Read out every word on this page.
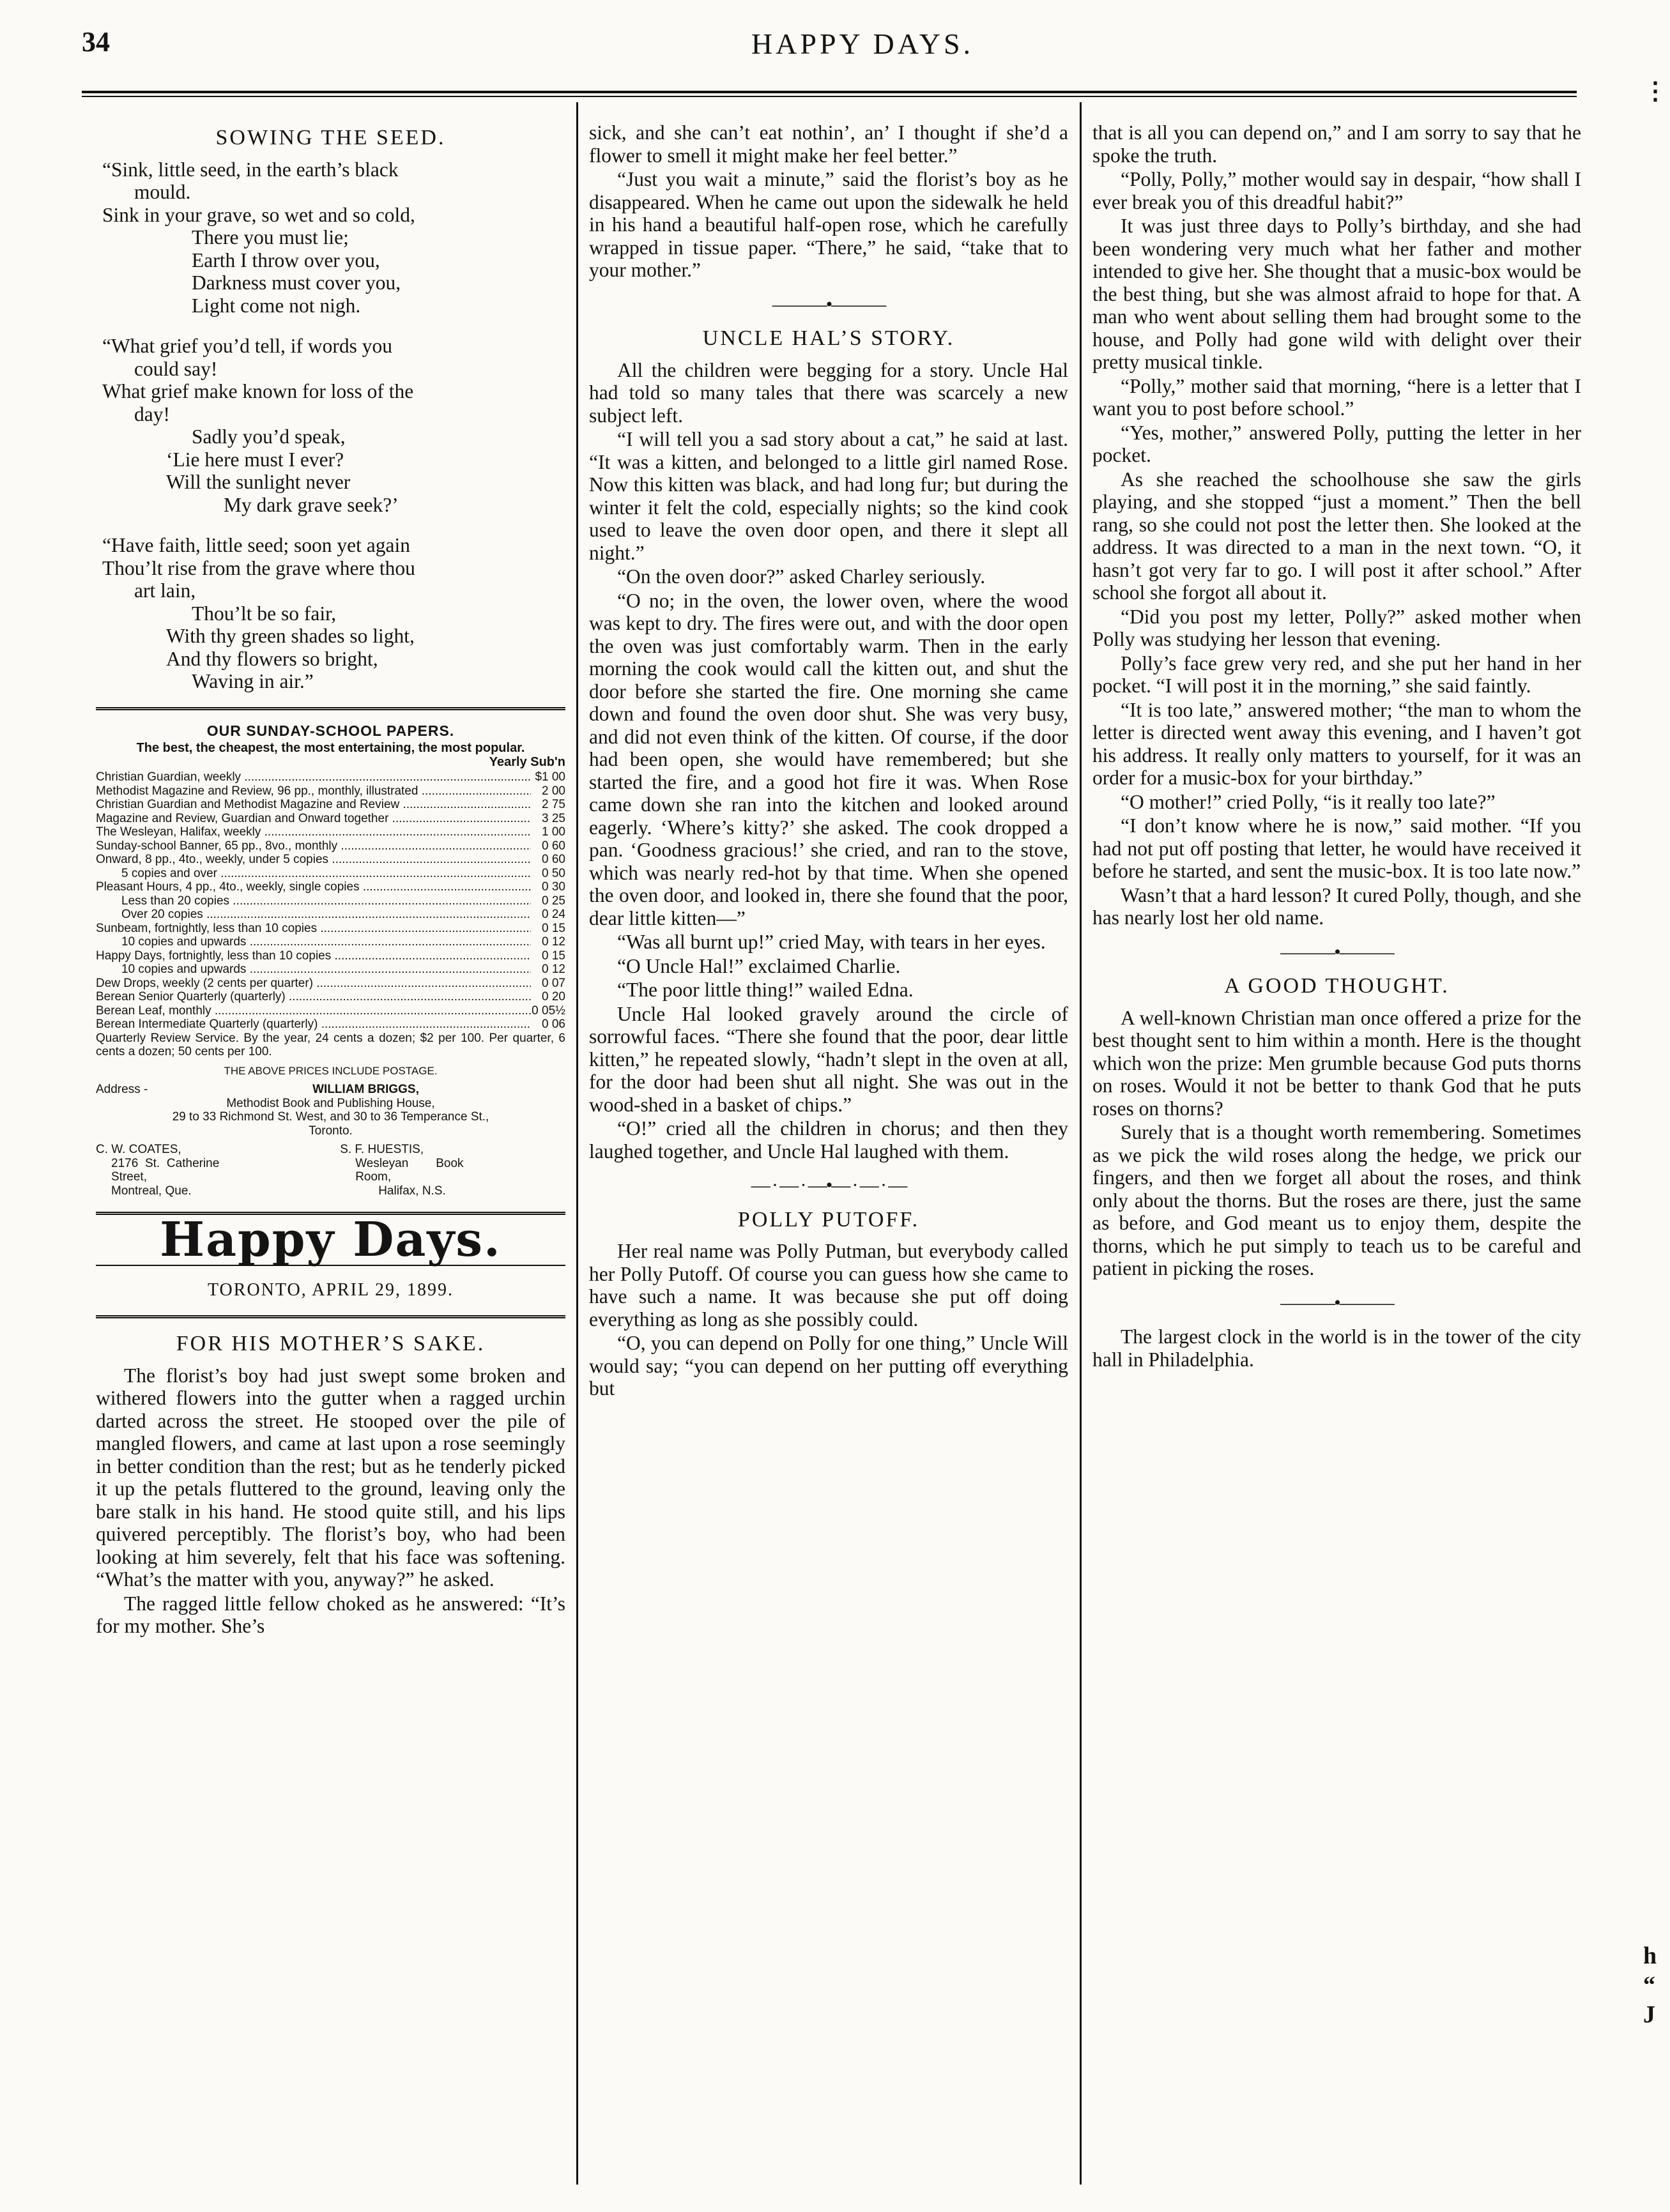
34	HAPPY DAYS.
⋮
h
“
J
SOWING THE SEED.

“Sink, little seed, in the earth’s black

mould.

Sink in your grave, so wet and so cold,

There you must lie;

Earth I throw over you,

Darkness must cover you,

Light come not nigh.

“What grief you’d tell, if words you

could say!

What grief make known for loss of the

day!

Sadly you’d speak,

‘Lie here must I ever?

Will the sunlight never

My dark grave seek?’

“Have faith, little seed; soon yet again

Thou’lt rise from the grave where thou

art lain,

Thou’lt be so fair,

With thy green shades so light,

And thy flowers so bright,

Waving in air.”

OUR SUNDAY-SCHOOL PAPERS.
The best, the cheapest, the most entertaining, the most popular.
Yearly Sub'n
Christian Guardian, weekly .....	$1 00
Methodist Magazine and Review, 96 pp., monthly, illustrated .....	2 00
Christian Guardian and Methodist Magazine and Review .....	2 75
Magazine and Review, Guardian and Onward together .....	3 25
The Wesleyan, Halifax, weekly .....	1 00
Sunday-school Banner, 65 pp., 8vo., monthly .....	0 60
Onward, 8 pp., 4to., weekly, under 5 copies .....	0 60
5 copies and over .....	0 50
Pleasant Hours, 4 pp., 4to., weekly, single copies .....	0 30
Less than 20 copies .....	0 25
Over 20 copies .....	0 24
Sunbeam, fortnightly, less than 10 copies .....	0 15
10 copies and upwards .....	0 12
Happy Days, fortnightly, less than 10 copies .....	0 15
10 copies and upwards .....	0 12
Dew Drops, weekly (2 cents per quarter) .....	0 07
Berean Senior Quarterly (quarterly) .....	0 20
Berean Leaf, monthly .....	0 05½
Berean Intermediate Quarterly (quarterly) .....	0 06
Quarterly Review Service. By the year, 24 cents a dozen; $2 per 100. Per quarter, 6 cents a dozen; 50 cents per 100.
THE ABOVE PRICES INCLUDE POSTAGE.
Address -	WILLIAM BRIGGS,
Methodist Book and Publishing House,
29 to 33 Richmond St. West, and 30 to 36 Temperance St.,
Toronto.
C. W. COATES,
2176 St. Catherine Street,
Montreal, Que.
S. F. HUESTIS,
Wesleyan Book Room,
Halifax, N.S.
Happy Days.
TORONTO, APRIL 29, 1899.
FOR HIS MOTHER’S SAKE.

The florist’s boy had just swept some broken and withered flowers into the gutter when a ragged urchin darted across the street. He stooped over the pile of mangled flowers, and came at last upon a rose seemingly in better condition than the rest; but as he tenderly picked it up the petals fluttered to the ground, leaving only the bare stalk in his hand. He stood quite still, and his lips quivered perceptibly. The florist’s boy, who had been looking at him severely, felt that his face was softening. “What’s the matter with you, anyway?” he asked.

The ragged little fellow choked as he answered: “It’s for my mother. She’s

sick, and she can’t eat nothin’, an’ I thought if she’d a flower to smell it might make her feel better.”

“Just you wait a minute,” said the florist’s boy as he disappeared. When he came out upon the sidewalk he held in his hand a beautiful half-open rose, which he carefully wrapped in tissue paper. “There,” he said, “take that to your mother.”

———•———
UNCLE HAL’S STORY.

All the children were begging for a story. Uncle Hal had told so many tales that there was scarcely a new subject left.

“I will tell you a sad story about a cat,” he said at last. “It was a kitten, and belonged to a little girl named Rose. Now this kitten was black, and had long fur; but during the winter it felt the cold, especially nights; so the kind cook used to leave the oven door open, and there it slept all night.”

“On the oven door?” asked Charley seriously.

“O no; in the oven, the lower oven, where the wood was kept to dry. The fires were out, and with the door open the oven was just comfortably warm. Then in the early morning the cook would call the kitten out, and shut the door before she started the fire. One morning she came down and found the oven door shut. She was very busy, and did not even think of the kitten. Of course, if the door had been open, she would have remembered; but she started the fire, and a good hot fire it was. When Rose came down she ran into the kitchen and looked around eagerly. ‘Where’s kitty?’ she asked. The cook dropped a pan. ‘Goodness gracious!’ she cried, and ran to the stove, which was nearly red-hot by that time. When she opened the oven door, and looked in, there she found that the poor, dear little kitten—”

“Was all burnt up!” cried May, with tears in her eyes.

“O Uncle Hal!” exclaimed Charlie.

“The poor little thing!” wailed Edna.

Uncle Hal looked gravely around the circle of sorrowful faces. “There she found that the poor, dear little kitten,” he repeated slowly, “hadn’t slept in the oven at all, for the door had been shut all night. She was out in the wood-shed in a basket of chips.”

“O!” cried all the children in chorus; and then they laughed together, and Uncle Hal laughed with them.

— ∙ — ∙ —•— ∙ — ∙ —
POLLY PUTOFF.

Her real name was Polly Putman, but everybody called her Polly Putoff. Of course you can guess how she came to have such a name. It was because she put off doing everything as long as she possibly could.

“O, you can depend on Polly for one thing,” Uncle Will would say; “you can depend on her putting off everything but

that is all you can depend on,” and I am sorry to say that he spoke the truth.

“Polly, Polly,” mother would say in despair, “how shall I ever break you of this dreadful habit?”

It was just three days to Polly’s birthday, and she had been wondering very much what her father and mother intended to give her. She thought that a music-box would be the best thing, but she was almost afraid to hope for that. A man who went about selling them had brought some to the house, and Polly had gone wild with delight over their pretty musical tinkle.

“Polly,” mother said that morning, “here is a letter that I want you to post before school.”

“Yes, mother,” answered Polly, putting the letter in her pocket.

As she reached the schoolhouse she saw the girls playing, and she stopped “just a moment.” Then the bell rang, so she could not post the letter then. She looked at the address. It was directed to a man in the next town. “O, it hasn’t got very far to go. I will post it after school.” After school she forgot all about it.

“Did you post my letter, Polly?” asked mother when Polly was studying her lesson that evening.

Polly’s face grew very red, and she put her hand in her pocket. “I will post it in the morning,” she said faintly.

“It is too late,” answered mother; “the man to whom the letter is directed went away this evening, and I haven’t got his address. It really only matters to yourself, for it was an order for a music-box for your birthday.”

“O mother!” cried Polly, “is it really too late?”

“I don’t know where he is now,” said mother. “If you had not put off posting that letter, he would have received it before he started, and sent the music-box. It is too late now.”

Wasn’t that a hard lesson? It cured Polly, though, and she has nearly lost her old name.

———•———
A GOOD THOUGHT.

A well-known Christian man once offered a prize for the best thought sent to him within a month. Here is the thought which won the prize: Men grumble because God puts thorns on roses. Would it not be better to thank God that he puts roses on thorns?

Surely that is a thought worth remembering. Sometimes as we pick the wild roses along the hedge, we prick our fingers, and then we forget all about the roses, and think only about the thorns. But the roses are there, just the same as before, and God meant us to enjoy them, despite the thorns, which he put simply to teach us to be careful and patient in picking the roses.

———•———

The largest clock in the world is in the tower of the city hall in Philadelphia.
